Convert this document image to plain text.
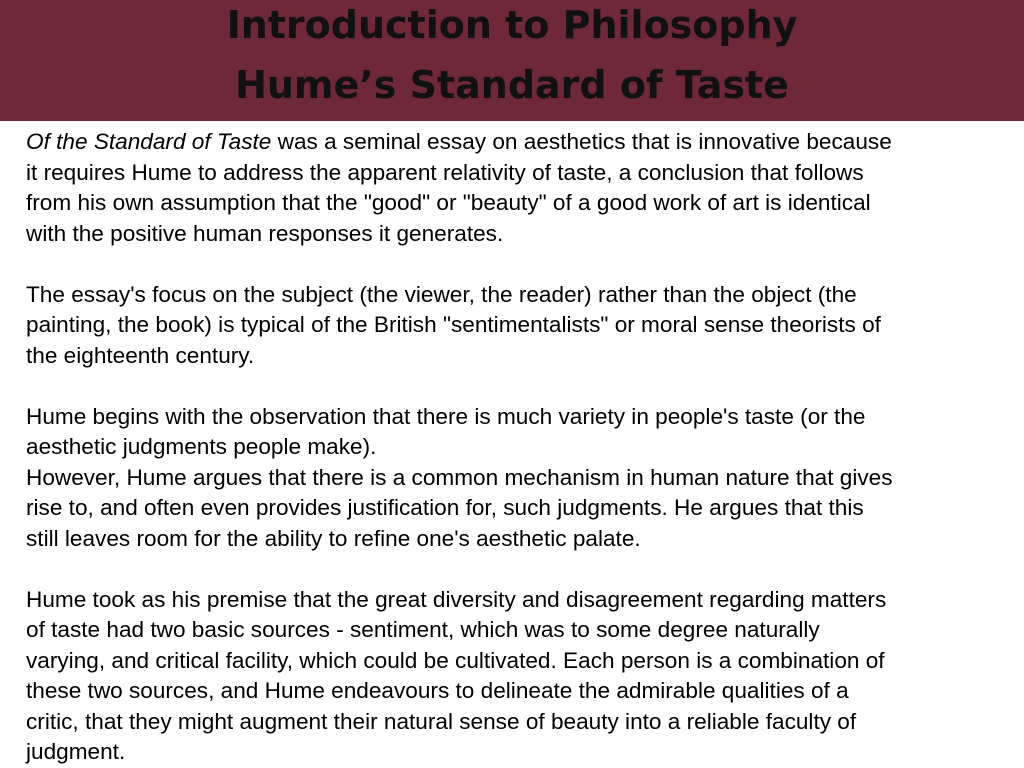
Introduction to Philosophy
Hume’s Standard of Taste
Of the Standard of Taste was a seminal essay on aesthetics that is innovative because
it requires Hume to address the apparent relativity of taste, a conclusion that follows
from his own assumption that the "good" or "beauty" of a good work of art is identical
with the positive human responses it generates.
The essay's focus on the subject (the viewer, the reader) rather than the object (the
painting, the book) is typical of the British "sentimentalists" or moral sense theorists of
the eighteenth century.
Hume begins with the observation that there is much variety in people's taste (or the
aesthetic judgments people make).
However, Hume argues that there is a common mechanism in human nature that gives
rise to, and often even provides justification for, such judgments. He argues that this
still leaves room for the ability to refine one's aesthetic palate.
Hume took as his premise that the great diversity and disagreement regarding matters
of taste had two basic sources - sentiment, which was to some degree naturally
varying, and critical facility, which could be cultivated. Each person is a combination of
these two sources, and Hume endeavours to delineate the admirable qualities of a
critic, that they might augment their natural sense of beauty into a reliable faculty of
judgment.
